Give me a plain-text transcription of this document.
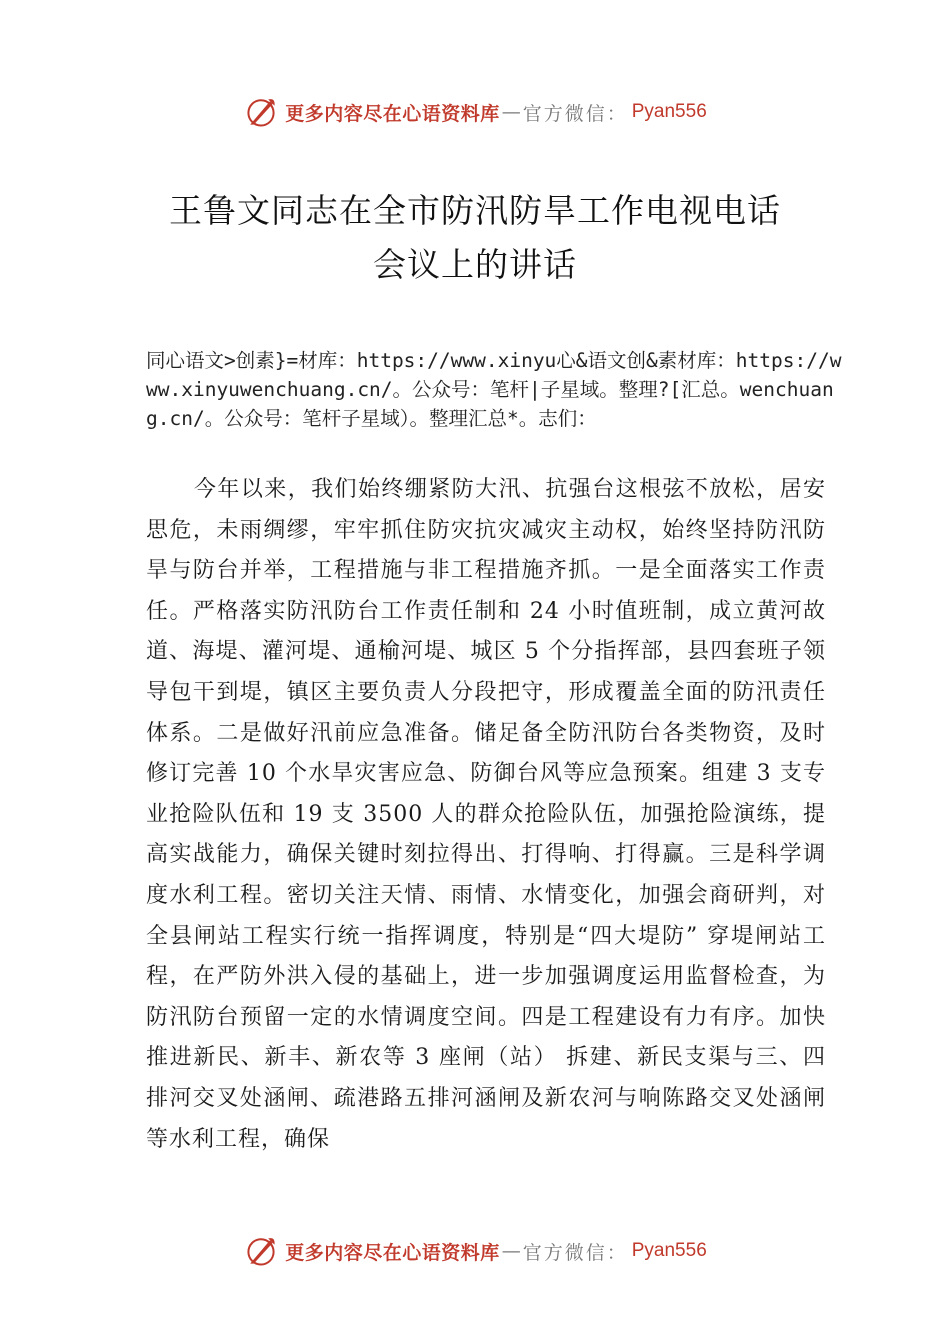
更多内容尽在心语资料库 — 官方微信： Pyan556
王鲁文同志在全市防汛防旱工作电视电话
会议上的讲话
同心语文>创素}=材库：https://www.xinyu心&语文创&素材库：https://www.xinyuwenchuang.cn/。公众号：笔杆|子星域。整理?[汇总。wenchuang.cn/。公众号：笔杆子星域）。整理汇总*。志们：
今年以来，我们始终绷紧防大汛、抗强台这根弦不放松，居安思危，未雨绸缪，牢牢抓住防灾抗灾减灾主动权，始终坚持防汛防旱与防台并举，工程措施与非工程措施齐抓。一是全面落实工作责任。严格落实防汛防台工作责任制和 24 小时值班制，成立黄河故道、海堤、灌河堤、通榆河堤、城区 5 个分指挥部，县四套班子领导包干到堤，镇区主要负责人分段把守，形成覆盖全面的防汛责任体系。二是做好汛前应急准备。储足备全防汛防台各类物资，及时修订完善 10 个水旱灾害应急、防御台风等应急预案。组建 3 支专业抢险队伍和 19 支 3500 人的群众抢险队伍，加强抢险演练，提高实战能力，确保关键时刻拉得出、打得响、打得赢。三是科学调度水利工程。密切关注天情、雨情、水情变化，加强会商研判，对全县闸站工程实行统一指挥调度，特别是“四大堤防” 穿堤闸站工程，在严防外洪入侵的基础上，进一步加强调度运用监督检查，为防汛防台预留一定的水情调度空间。四是工程建设有力有序。加快推进新民、新丰、新农等 3 座闸（站） 拆建、新民支渠与三、四排河交叉处涵闸、疏港路五排河涵闸及新农河与响陈路交叉处涵闸等水利工程，确保
更多内容尽在心语资料库 — 官方微信： Pyan556
